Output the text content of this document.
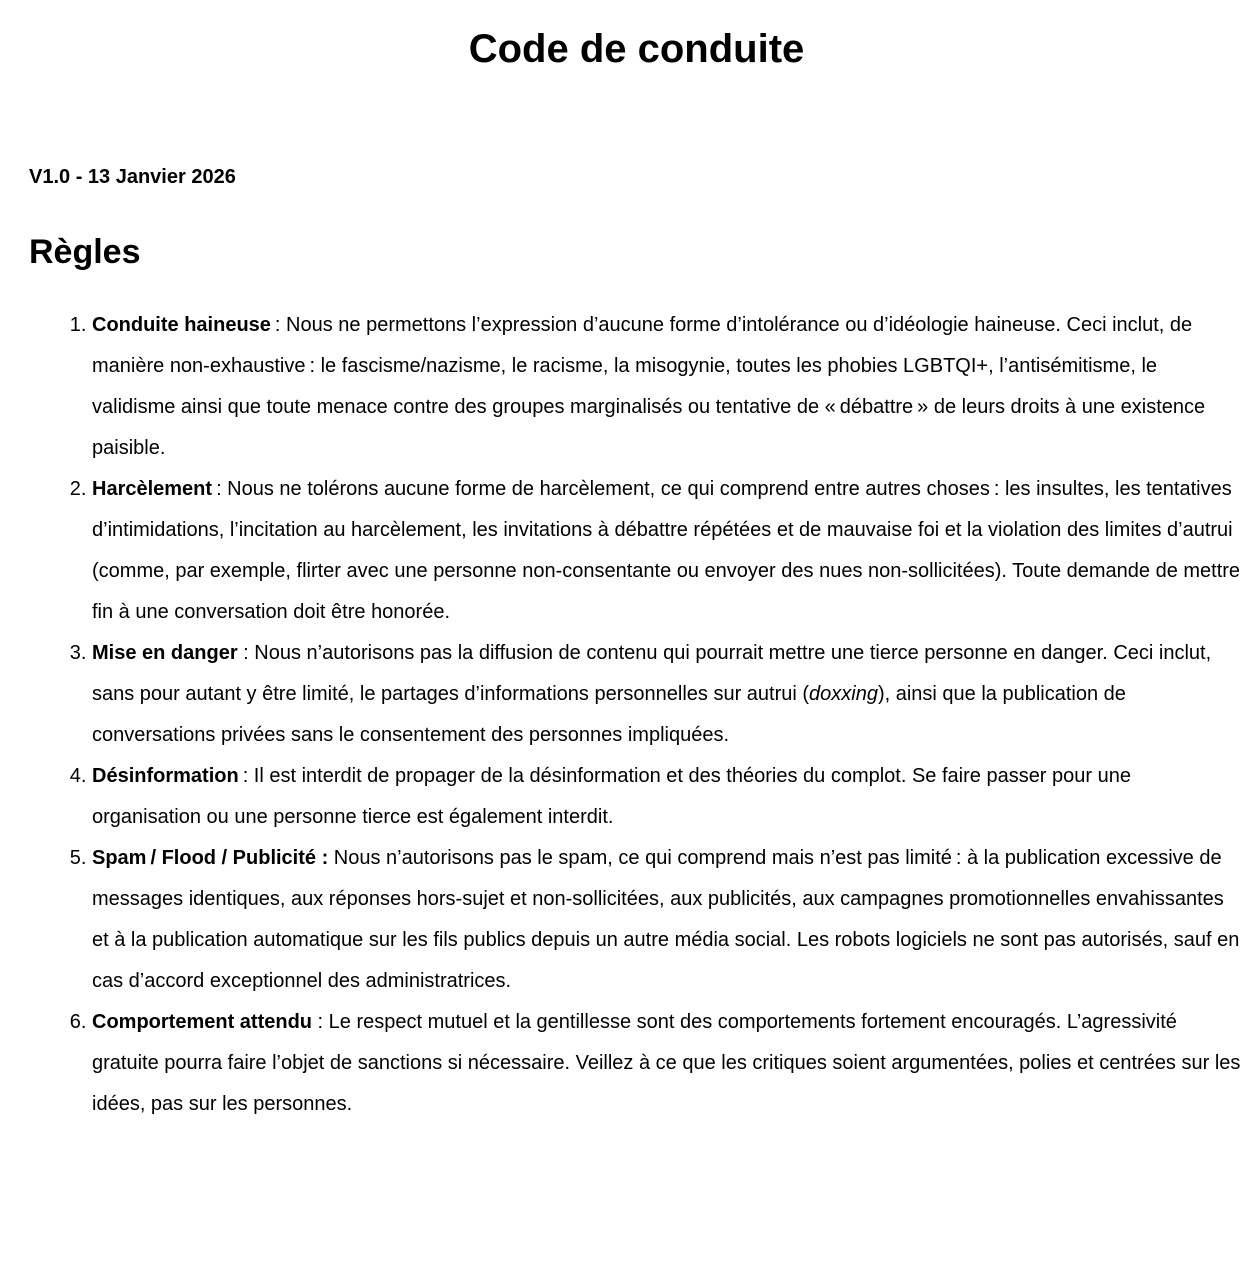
Code de conduite

V1.0 - 13 Janvier 2026

Règles
1. Conduite haineuse : Nous ne permettons l’expression d’aucune forme d’intolérance ou d’idéologie haineuse. Ceci inclut, de manière non-exhaustive : le fascisme/nazisme, le racisme, la misogynie, toutes les phobies LGBTQI+, l’antisémitisme, le validisme ainsi que toute menace contre des groupes marginalisés ou tentative de « débattre » de leurs droits à une existence paisible.
2. Harcèlement : Nous ne tolérons aucune forme de harcèlement, ce qui comprend entre autres choses : les insultes, les tentatives d’intimidations, l’incitation au harcèlement, les invitations à débattre répétées et de mauvaise foi et la violation des limites d’autrui (comme, par exemple, flirter avec une personne non-consentante ou envoyer des nues non-sollicitées). Toute demande de mettre fin à une conversation doit être honorée.
3. Mise en danger : Nous n’autorisons pas la diffusion de contenu qui pourrait mettre une tierce personne en danger. Ceci inclut, sans pour autant y être limité, le partages d’informations personnelles sur autrui (doxxing), ainsi que la publication de conversations privées sans le consentement des personnes impliquées.
4. Désinformation : Il est interdit de propager de la désinformation et des théories du complot. Se faire passer pour une organisation ou une personne tierce est également interdit.
5. Spam / Flood / Publicité : Nous n’autorisons pas le spam, ce qui comprend mais n’est pas limité : à la publication excessive de messages identiques, aux réponses hors-sujet et non-sollicitées, aux publicités, aux campagnes promotionnelles envahissantes et à la publication automatique sur les fils publics depuis un autre média social. Les robots logiciels ne sont pas autorisés, sauf en cas d’accord exceptionnel des administratrices.
6. Comportement attendu : Le respect mutuel et la gentillesse sont des comportements fortement encouragés. L’agressivité gratuite pourra faire l’objet de sanctions si nécessaire. Veillez à ce que les critiques soient argumentées, polies et centrées sur les idées, pas sur les personnes.
